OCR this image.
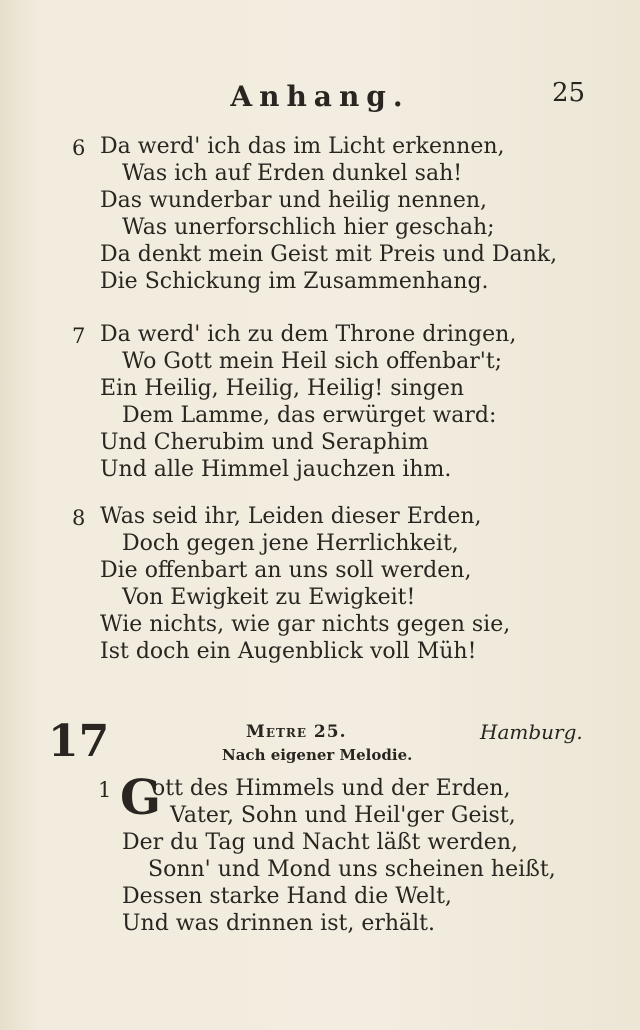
Anhang.	25
6 Da werd' ich das im Licht erkennen,
Was ich auf Erden dunkel sah!
Das wunderbar und heilig nennen,
Was unerforschlich hier geschah;
Da denkt mein Geist mit Preis und Dank,
Die Schickung im Zusammenhang.
7 Da werd' ich zu dem Throne dringen,
Wo Gott mein Heil sich offenbar't;
Ein Heilig, Heilig, Heilig! singen
Dem Lamme, das erwürget ward:
Und Cherubim und Seraphim
Und alle Himmel jauchzen ihm.
8 Was seid ihr, Leiden dieser Erden,
Doch gegen jene Herrlichkeit,
Die offenbart an uns soll werden,
Von Ewigkeit zu Ewigkeit!
Wie nichts, wie gar nichts gegen sie,
Ist doch ein Augenblick voll Müh!
17	Metre 25.	Hamburg.
Nach eigener Melodie.
1 ott des Himmels und der Erden,
Vater, Sohn und Heil'ger Geist,
Der du Tag und Nacht läßt werden,
Sonn' und Mond uns scheinen heißt,
Dessen starke Hand die Welt,
Und was drinnen ist, erhält.
G
